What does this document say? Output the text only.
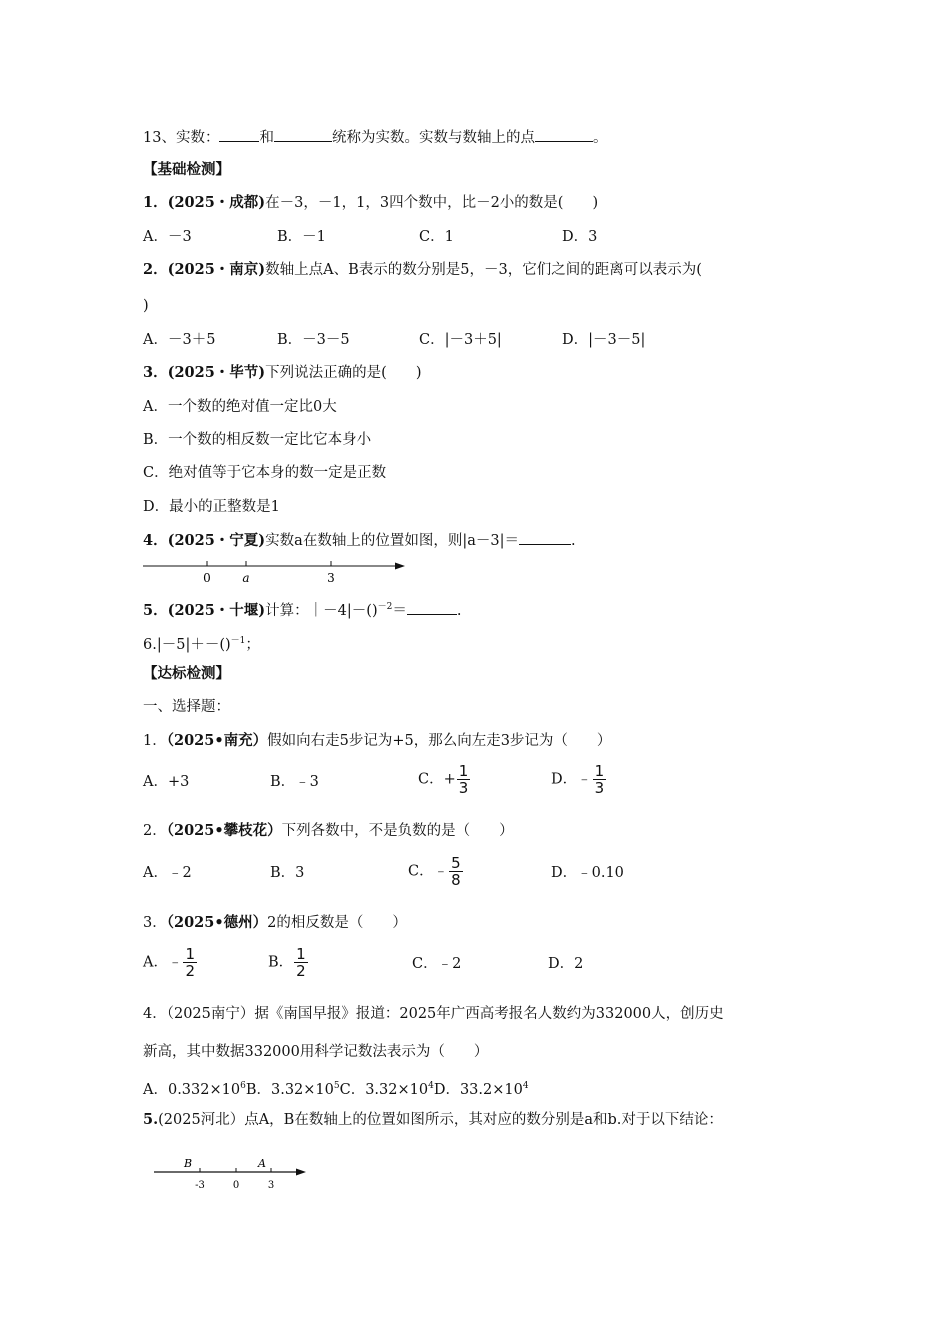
13、实数：	和	统称为实数。实数与数轴上的点	。
【基础检测】
1．(2025・成都)在－3，－1，1，3四个数中，比－2小的数是(　　)
A．－3	B．－1	C．1	D．3
2．(2025・南京)数轴上点A、B表示的数分别是5，－3，它们之间的距离可以表示为(
)
A．－3＋5	B．－3－5	C．|－3＋5|	D．|－3－5|
3．(2025・毕节)下列说法正确的是(　　)
A．一个数的绝对值一定比0大
B．一个数的相反数一定比它本身小
C．绝对值等于它本身的数一定是正数
D．最小的正整数是1
4．(2025・宁夏)实数a在数轴上的位置如图，则|a－3|＝	.
0	a	3
5．(2025・十堰)计算：｜－4|－()$^{-2}$＝	.
6.|－5|＋－()$^{-1}$；
【达标检测】
一、选择题：
1．（2025•南充）假如向右走5步记为+5，那么向左走3步记为（　　）
A．+3	B．﹣3	C．+ $\frac{1}{3}$	D．﹣ $\frac{1}{3}$
2．（2025•攀枝花）下列各数中，不是负数的是（　　）
A．﹣2	B．3	C．﹣ $\frac{5}{8}$	D．﹣0.10
3．（2025•德州）2的相反数是（　　）
A．﹣ $\frac{1}{2}$	B． $\frac{1}{2}$	C．﹣2	D．2
4．（2025南宁）据《南国早报》报道：2025年广西高考报名人数约为332000人，创历史
新高，其中数据332000用科学记数法表示为（　　）
A．$0.332\times 10^6B$．$3.32\times 10^5C$．$3.32\times 10^4D$．$33.2\times 10^4$
5.(2025河北）点A，B在数轴上的位置如图所示，其对应的数分别是a和b.对于以下结论：
B	A
-3	0	3
